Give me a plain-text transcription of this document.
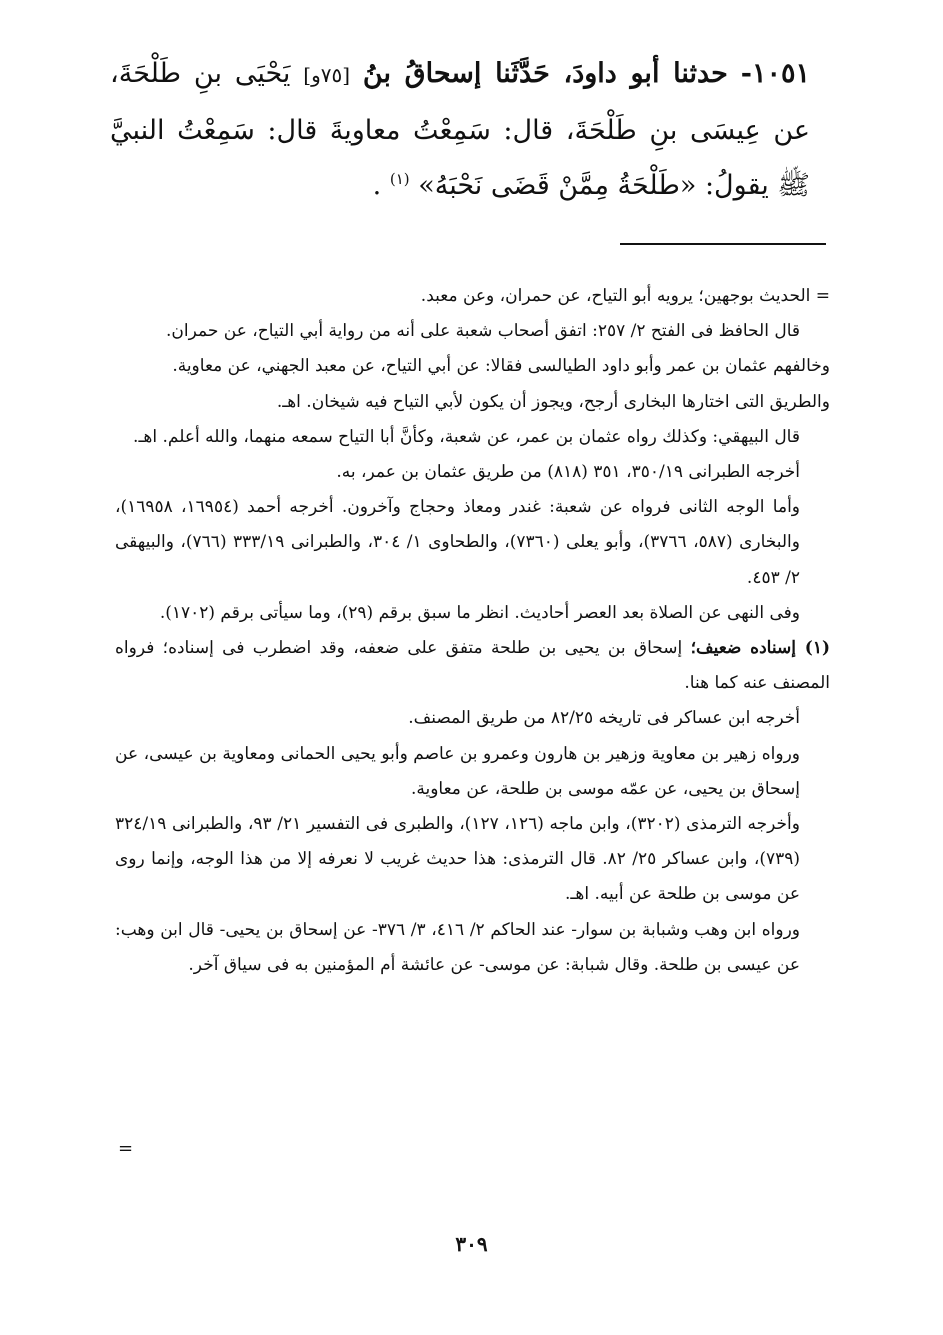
١٠٥١- حدثنا أبو داودَ، حَدَّثَنا إسحاقُ بنُ [٧٥و] يَحْيَى بنِ طَلْحَةَ، عن عِيسَى بنِ طَلْحَةَ، قال: سَمِعْتُ معاويةَ قال: سَمِعْتُ النبيَّ ﷺ يقولُ: «طَلْحَةُ مِمَّنْ قَضَى نَحْبَهُ» $^{(١)}$ .
= الحديث بوجهين؛ يرويه أبو التياح، عن حمران، وعن معبد.
قال الحافظ فى الفتح ٢/ ٢٥٧: اتفق أصحاب شعبة على أنه من رواية أبي التياح، عن حمران.
وخالفهم عثمان بن عمر وأبو داود الطيالسى فقالا: عن أبي التياح، عن معبد الجهني، عن معاوية.
والطريق التى اختارها البخارى أرجح، ويجوز أن يكون لأبي التياح فيه شيخان. اهـ.
قال البيهقي: وكذلك رواه عثمان بن عمر، عن شعبة، وكأنَّ أبا التياح سمعه منهما، والله أعلم. اهـ.
أخرجه الطبرانى ٣٥٠/١٩، ٣٥١ (٨١٨) من طريق عثمان بن عمر، به.
وأما الوجه الثانى فرواه عن شعبة: غندر ومعاذ وحجاج وآخرون. أخرجه أحمد (١٦٩٥٤، ١٦٩٥٨)، والبخارى (٥٨٧، ٣٧٦٦)، وأبو يعلى (٧٣٦٠)، والطحاوى ١/ ٣٠٤، والطبرانى ٣٣٣/١٩ (٧٦٦)، والبيهقى ٢/ ٤٥٣.
وفى النهى عن الصلاة بعد العصر أحاديث. انظر ما سبق برقم (٢٩)، وما سيأتى برقم (١٧٠٢).
(١) إسناده ضعيف؛ إسحاق بن يحيى بن طلحة متفق على ضعفه، وقد اضطرب فى إسناده؛ فرواه المصنف عنه كما هنا.
أخرجه ابن عساكر فى تاريخه ٨٢/٢٥ من طريق المصنف.
ورواه زهير بن معاوية وزهير بن هارون وعمرو بن عاصم وأبو يحيى الحمانى ومعاوية بن عيسى، عن إسحاق بن يحيى، عن عمّه موسى بن طلحة، عن معاوية.
وأخرجه الترمذى (٣٢٠٢)، وابن ماجه (١٢٦، ١٢٧)، والطبرى فى التفسير ٢١/ ٩٣، والطبرانى ٣٢٤/١٩ (٧٣٩)، وابن عساكر ٢٥/ ٨٢. قال الترمذى: هذا حديث غريب لا نعرفه إلا من هذا الوجه، وإنما روى عن موسى بن طلحة عن أبيه. اهـ.
ورواه ابن وهب وشبابة بن سوار- عند الحاكم ٢/ ٤١٦، ٣/ ٣٧٦- عن إسحاق بن يحيى- قال ابن وهب: عن عيسى بن طلحة. وقال شبابة: عن موسى- عن عائشة أم المؤمنين به فى سياق آخر.
=
٣٠٩
